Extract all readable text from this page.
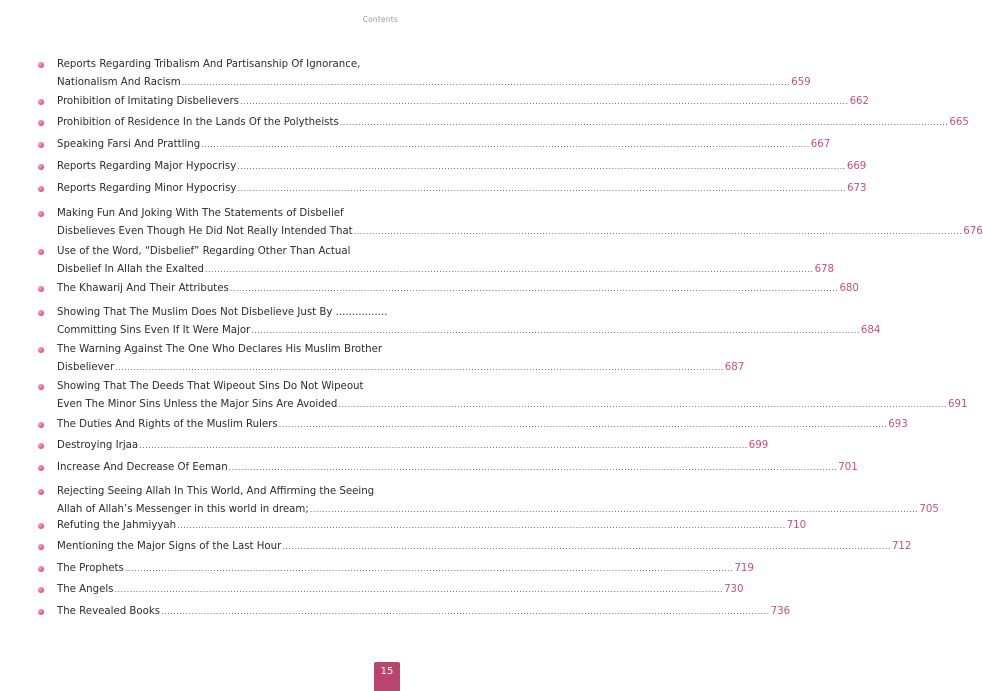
Contents
Reports Regarding Tribalism And Partisanship Of Ignorance,
Nationalism And Racism ........................................................................................................................................................................................................ 659
Prohibition of Imitating Disbelievers ........................................................................................................................................................................................................ 662
Prohibition of Residence In the Lands Of the Polytheists ........................................................................................................................................................................................................ 665
Speaking Farsi And Prattling ........................................................................................................................................................................................................ 667
Reports Regarding Major Hypocrisy ........................................................................................................................................................................................................ 669
Reports Regarding Minor Hypocrisy ........................................................................................................................................................................................................ 673
Making Fun And Joking With The Statements of Disbelief
Disbelieves Even Though He Did Not Really Intended That ........................................................................................................................................................................................................ 676
Use of the Word, “Disbelief” Regarding Other Than Actual
Disbelief In Allah the Exalted ........................................................................................................................................................................................................ 678
The Khawarij And Their Attributes ........................................................................................................................................................................................................ 680
Showing That The Muslim Does Not Disbelieve Just By ................
Committing Sins Even If It Were Major ........................................................................................................................................................................................................ 684
The Warning Against The One Who Declares His Muslim Brother
Disbeliever ........................................................................................................................................................................................................ 687
Showing That The Deeds That Wipeout Sins Do Not Wipeout
Even The Minor Sins Unless the Major Sins Are Avoided ........................................................................................................................................................................................................ 691
The Duties And Rights of the Muslim Rulers ........................................................................................................................................................................................................ 693
Destroying Irjaa ........................................................................................................................................................................................................ 699
Increase And Decrease Of Eeman ........................................................................................................................................................................................................ 701
Rejecting Seeing Allah In This World, And Affirming the Seeing
Allah of Allah’s Messenger in this world in dream; ........................................................................................................................................................................................................ 705
Refuting the Jahmiyyah ........................................................................................................................................................................................................ 710
Mentioning the Major Signs of the Last Hour ........................................................................................................................................................................................................ 712
The Prophets ........................................................................................................................................................................................................ 719
The Angels ........................................................................................................................................................................................................ 730
The Revealed Books ........................................................................................................................................................................................................ 736
15
